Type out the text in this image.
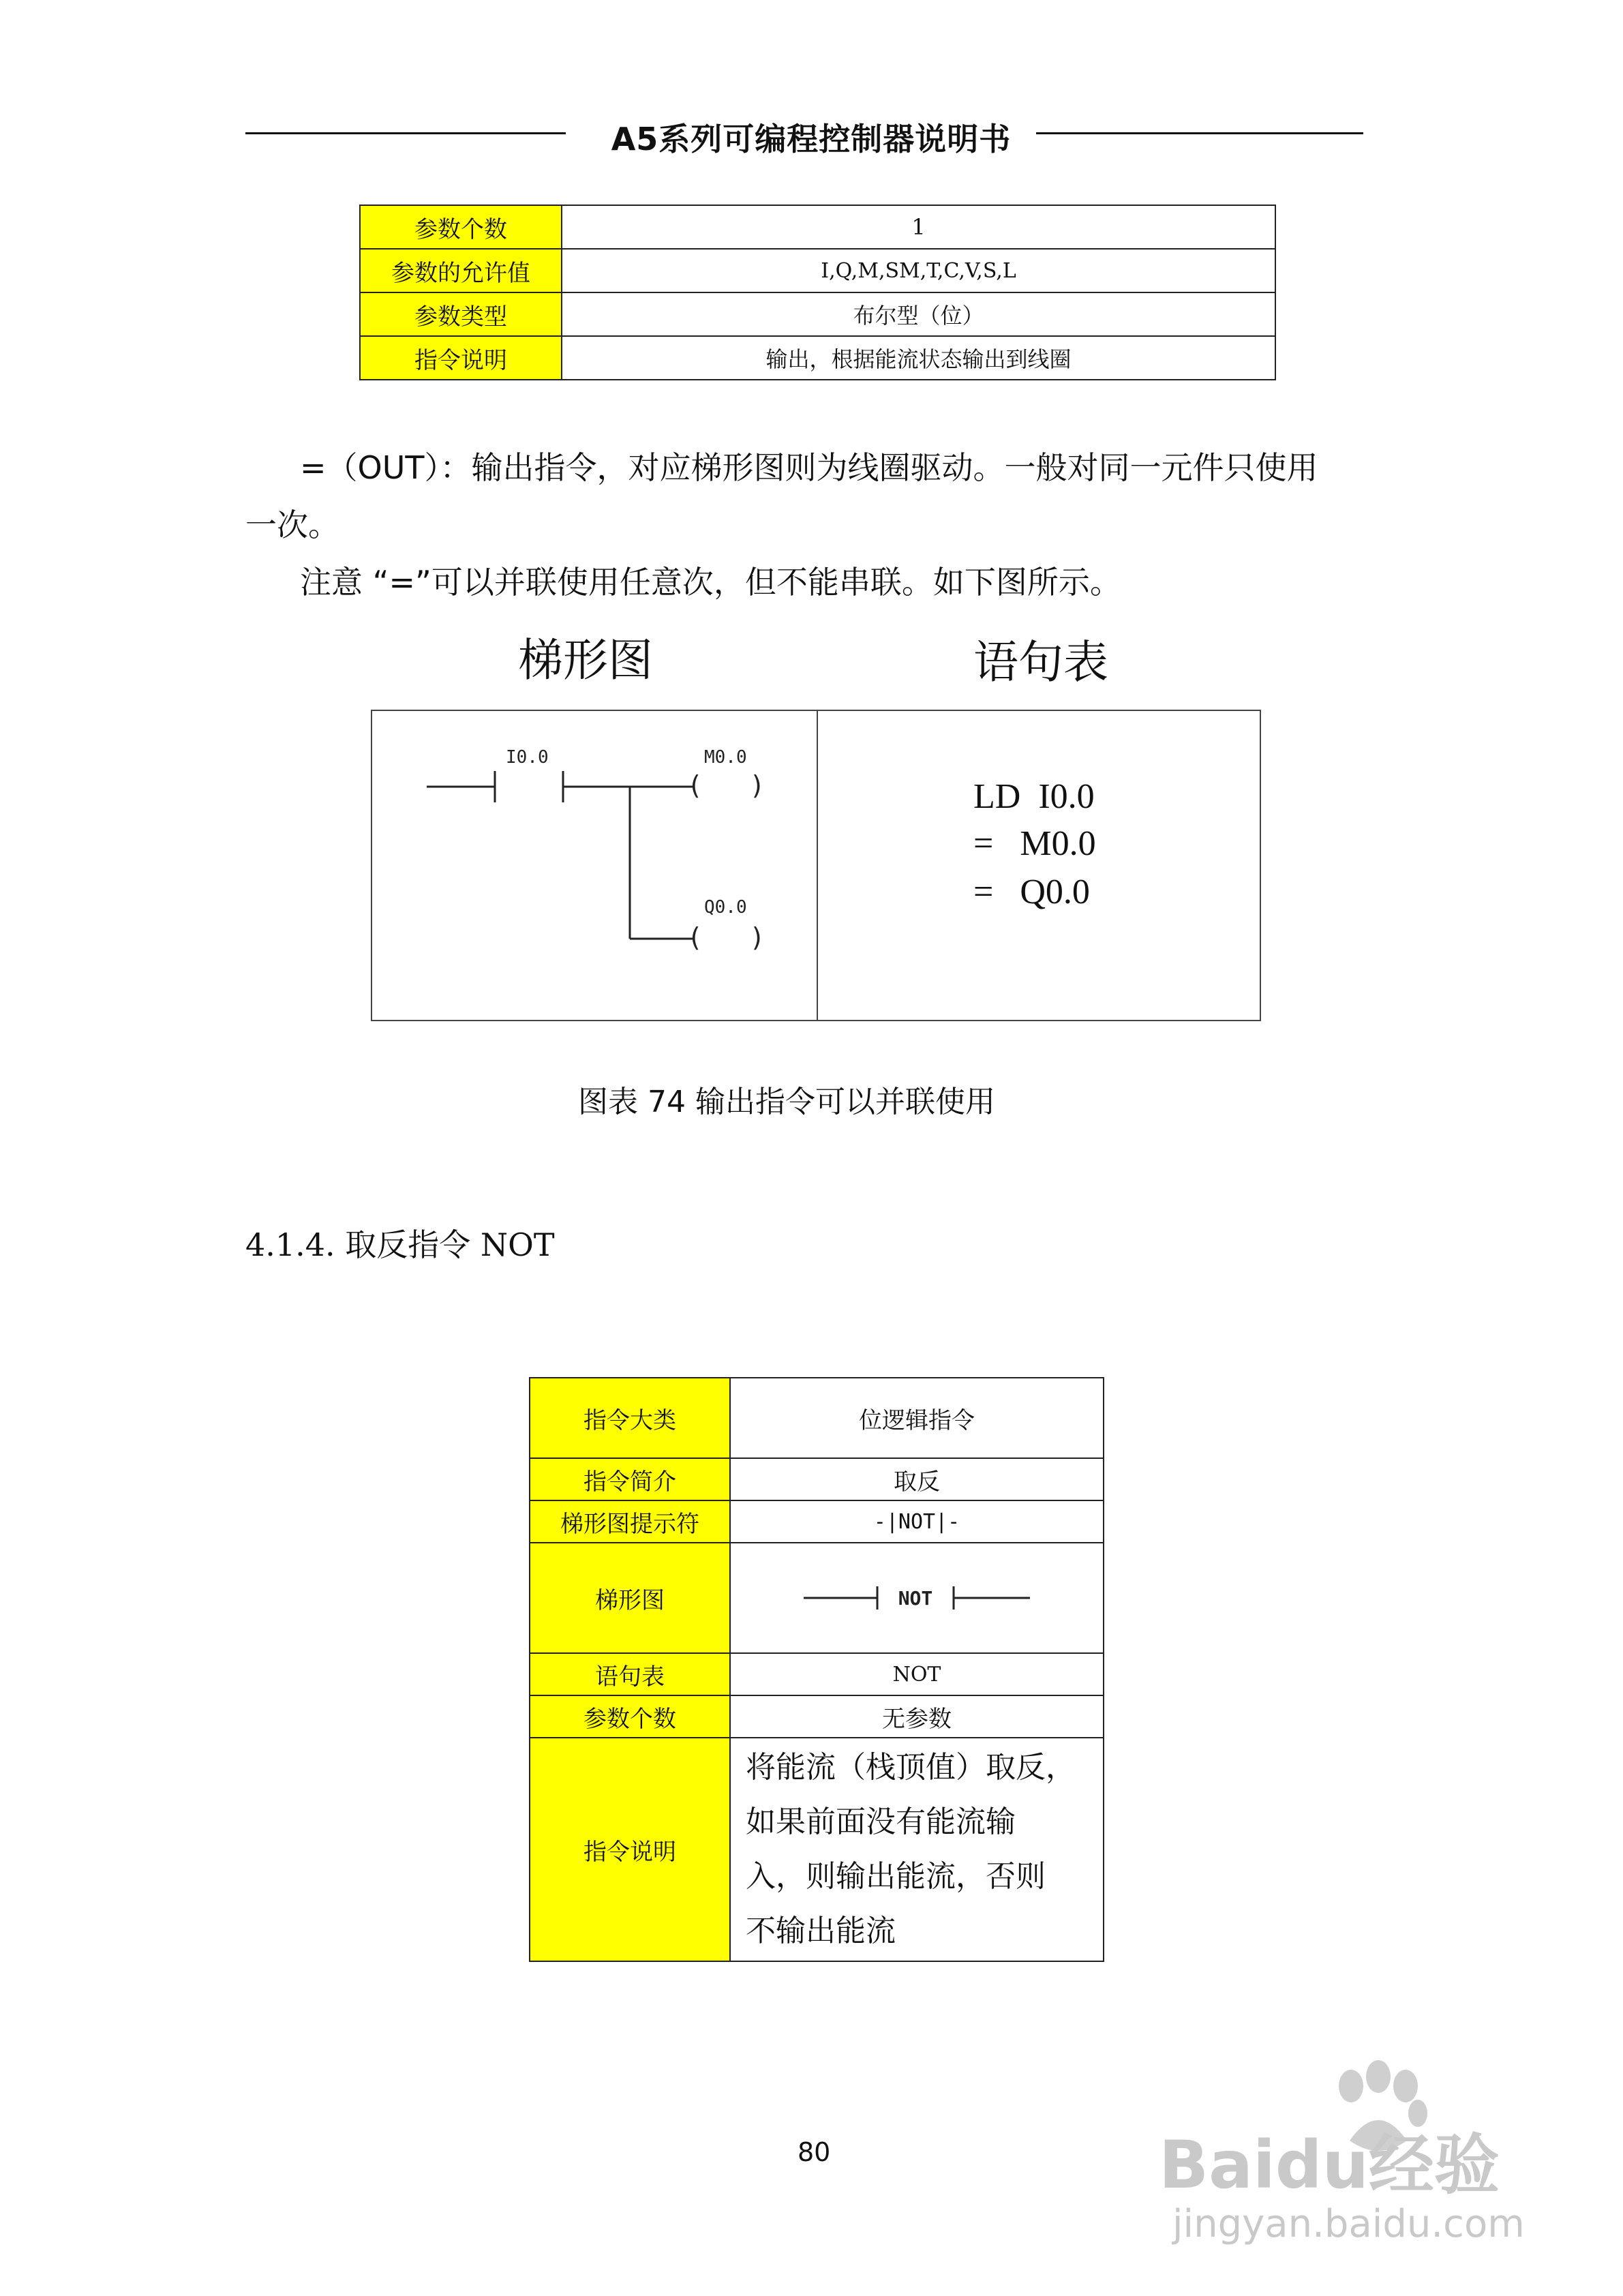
A5系列可编程控制器说明书
参数个数	1
参数的允许值	I,Q,M,SM,T,C,V,S,L
参数类型	布尔型（位）
指令说明	输出，根据能流状态输出到线圈
=（OUT）：输出指令，对应梯形图则为线圈驱动。一般对同一元件只使用
一次。
注意 “=”可以并联使用任意次，但不能串联。如下图所示。
梯形图	语句表
I0.0	M0.0
(   )
Q0.0
(   )
LD  I0.0
=   M0.0
=   Q0.0
图表 74 输出指令可以并联使用
4.1.4. 取反指令 NOT
指令大类	位逻辑指令
指令简介	取反
梯形图提示符	-|NOT|-
梯形图	NOT

语句表	NOT
参数个数	无参数
指令说明	将能流（栈顶值）取反，
如果前面没有能流输
入，则输出能流，否则
不输出能流
80	Baidu经验
jingyan.baidu.com
